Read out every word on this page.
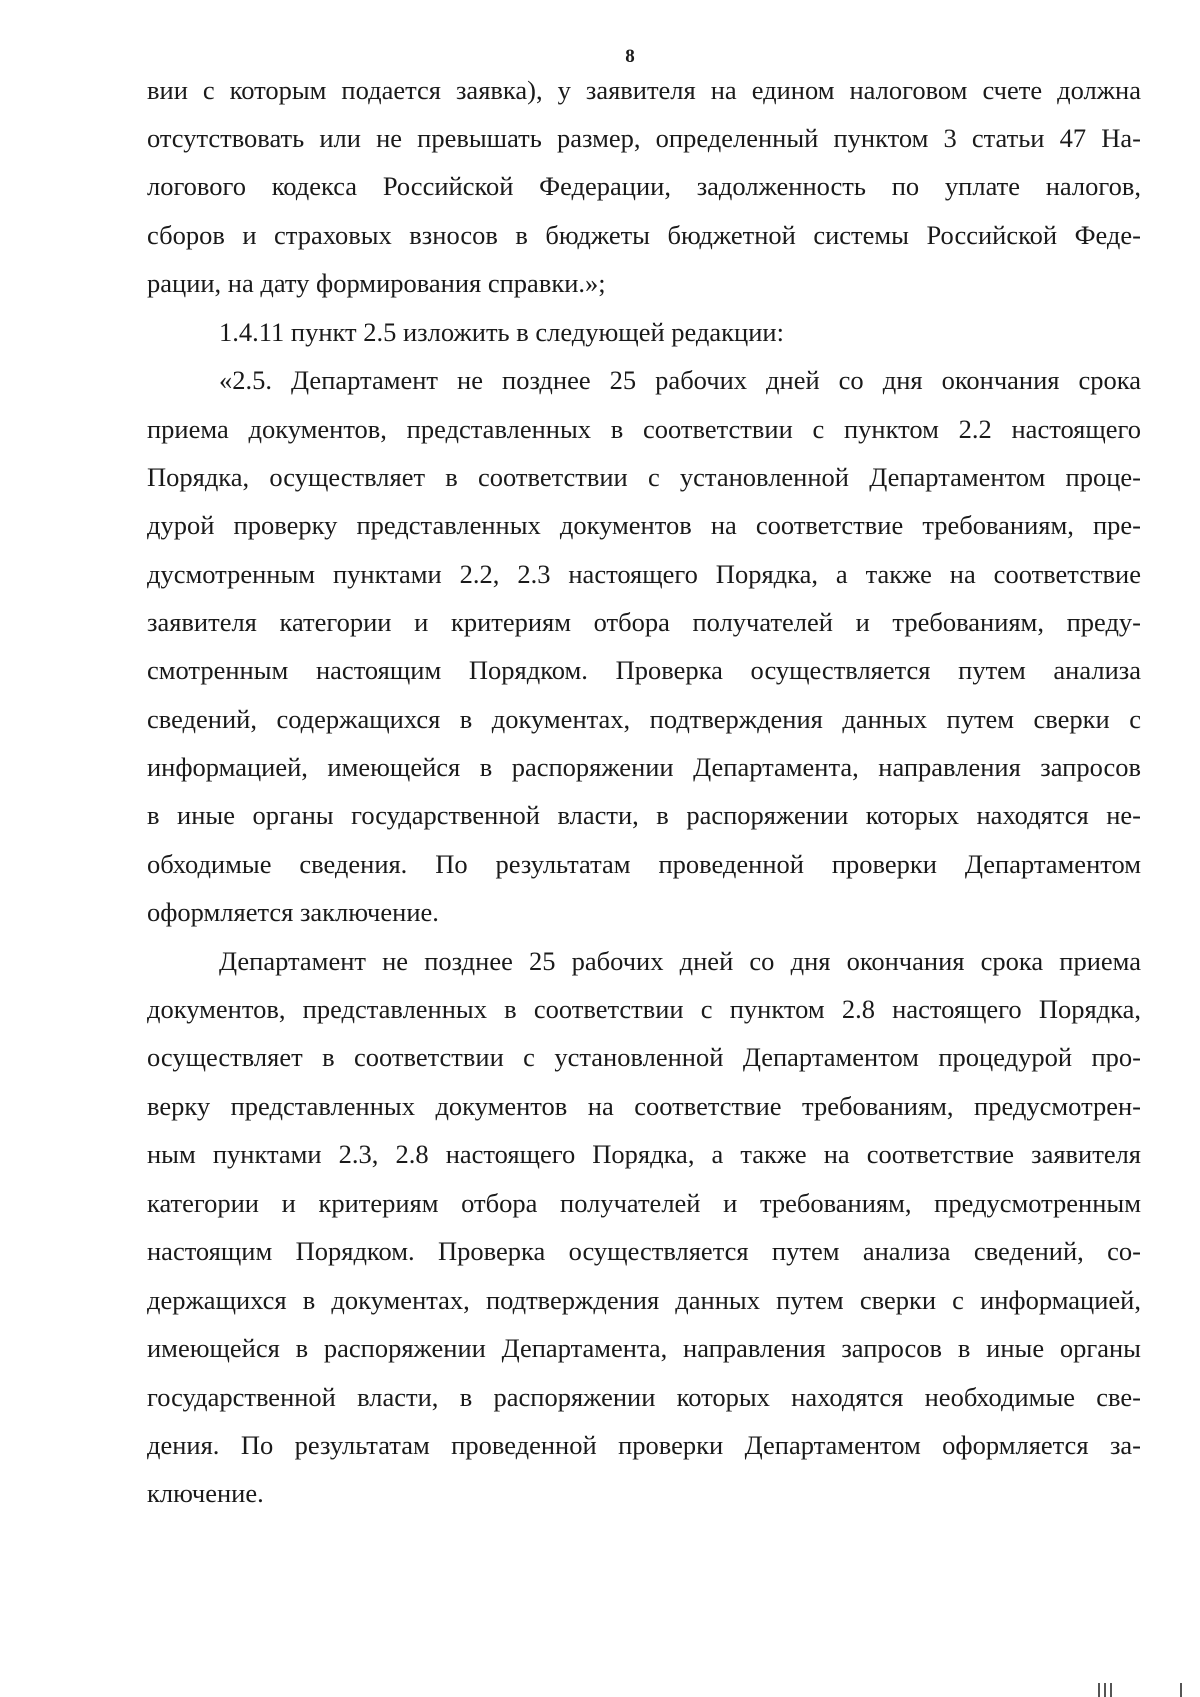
8
вии с которым подается заявка), у заявителя на едином налоговом счете должна
отсутствовать или не превышать размер, определенный пунктом 3 статьи 47 На-
логового кодекса Российской Федерации, задолженность по уплате налогов,
сборов и страховых взносов в бюджеты бюджетной системы Российской Феде-
рации, на дату формирования справки.»;
1.4.11 пункт 2.5 изложить в следующей редакции:
«2.5. Департамент не позднее 25 рабочих дней со дня окончания срока
приема документов, представленных в соответствии с пунктом 2.2 настоящего
Порядка, осуществляет в соответствии с установленной Департаментом проце-
дурой проверку представленных документов на соответствие требованиям, пре-
дусмотренным пунктами 2.2, 2.3 настоящего Порядка, а также на соответствие
заявителя категории и критериям отбора получателей и требованиям, преду-
смотренным настоящим Порядком. Проверка осуществляется путем анализа
сведений, содержащихся в документах, подтверждения данных путем сверки с
информацией, имеющейся в распоряжении Департамента, направления запросов
в иные органы государственной власти, в распоряжении которых находятся не-
обходимые сведения. По результатам проведенной проверки Департаментом
оформляется заключение.
Департамент не позднее 25 рабочих дней со дня окончания срока приема
документов, представленных в соответствии с пунктом 2.8 настоящего Порядка,
осуществляет в соответствии с установленной Департаментом процедурой про-
верку представленных документов на соответствие требованиям, предусмотрен-
ным пунктами 2.3, 2.8 настоящего Порядка, а также на соответствие заявителя
категории и критериям отбора получателей и требованиям, предусмотренным
настоящим Порядком. Проверка осуществляется путем анализа сведений, со-
держащихся в документах, подтверждения данных путем сверки с информацией,
имеющейся в распоряжении Департамента, направления запросов в иные органы
государственной власти, в распоряжении которых находятся необходимые све-
дения. По результатам проведенной проверки Департаментом оформляется за-
ключение.
